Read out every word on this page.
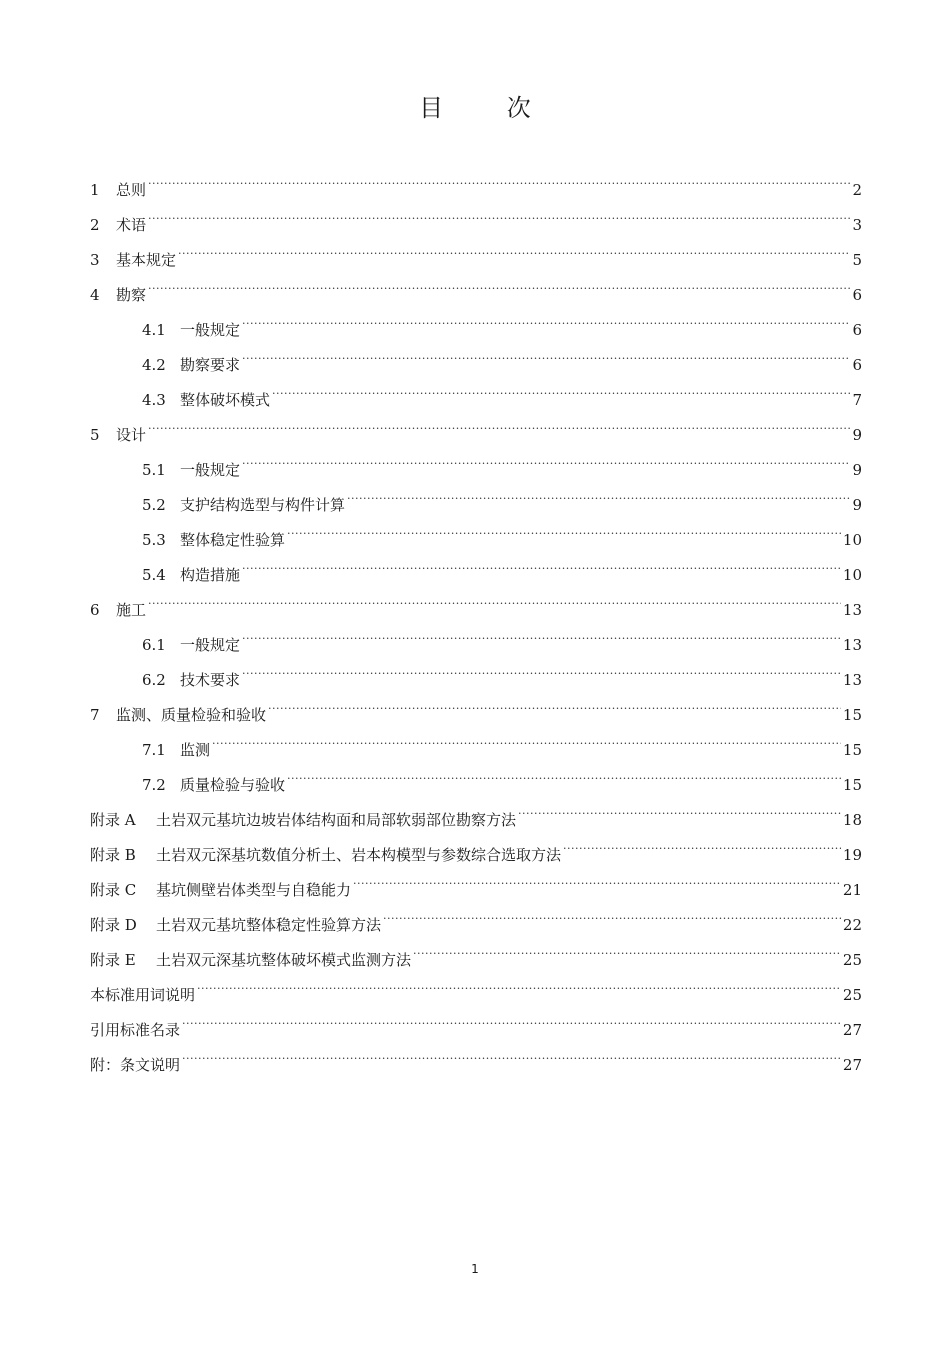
目 次
1	总则 .....	2
2	术语 .....	3
3	基本规定 .....	5
4	勘察 .....	6
4.1 一般规定 .....	6
4.2 勘察要求 .....	6
4.3 整体破坏模式 .....	7
5	设计 .....	9
5.1 一般规定 .....	9
5.2 支护结构选型与构件计算 .....	9
5.3 整体稳定性验算 .....	10
5.4 构造措施 .....	10
6	施工 .....	13
6.1 一般规定 .....	13
6.2 技术要求 .....	13
7	监测、质量检验和验收 .....	15
7.1 监测 .....	15
7.2 质量检验与验收 .....	15
附录 A	土岩双元基坑边坡岩体结构面和局部软弱部位勘察方法 .....	18
附录 B	土岩双元深基坑数值分析土、岩本构模型与参数综合选取方法 .....	19
附录 C	基坑侧壁岩体类型与自稳能力 .....	21
附录 D	土岩双元基坑整体稳定性验算方法 .....	22
附录 E	土岩双元深基坑整体破坏模式监测方法 .....	25
本标准用词说明 .....	25
引用标准名录 .....	27
附：条文说明 .....	27
1
